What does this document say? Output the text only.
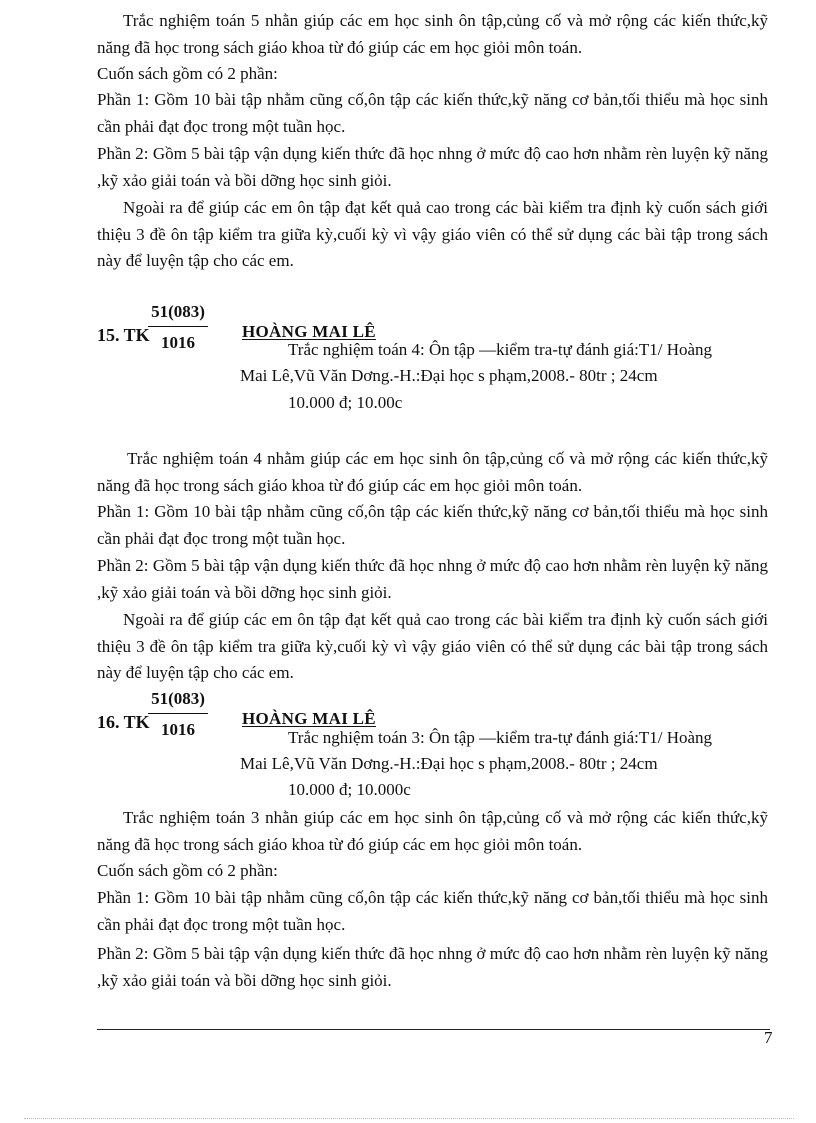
Trắc nghiệm toán 5 nhằn giúp các em học sinh ôn tập,củng cố và mở rộng các kiến thức,kỹ năng đã học trong sách giáo khoa từ đó giúp các em học giỏi môn toán.

Cuốn sách gồm có 2 phần:

Phần 1: Gồm 10 bài tập nhằm cũng cố,ôn tập các kiến thức,kỹ năng cơ bản,tối thiểu mà học sinh cần phải đạt đọc trong một tuần học.

Phần 2: Gồm 5 bài tập vận dụng kiến thức đã học nhng ở mức độ cao hơn nhằm rèn luyện kỹ năng ,kỹ xảo giải toán và bồi dỡng học sinh giỏi.

Ngoài ra để giúp các em ôn tập đạt kết quả cao trong các bài kiểm tra định kỳ cuốn sách giới thiệu 3 đề ôn tập kiểm tra giữa kỳ,cuối kỳ vì vậy giáo viên có thể sử dụng các bài tập trong sách này để luyện tập cho các em.

15. TK
51(083)
1016
HOÀNG MAI LÊ
Trắc nghiệm toán 4: Ôn tập —kiểm tra-tự đánh giá:T1/ Hoàng
Mai Lê,Vũ Văn Dơng.-H.:Đại học s phạm,2008.- 80tr ; 24cm
10.000 đ; 10.00c

Trắc nghiệm toán 4 nhằm giúp các em học sinh ôn tập,củng cố và mở rộng các kiến thức,kỹ năng đã học trong sách giáo khoa từ đó giúp các em học giỏi môn toán.

Phần 1: Gồm 10 bài tập nhằm cũng cố,ôn tập các kiến thức,kỹ năng cơ bản,tối thiểu mà học sinh cần phải đạt đọc trong một tuần học.

Phần 2: Gồm 5 bài tập vận dụng kiến thức đã học nhng ở mức độ cao hơn nhằm rèn luyện kỹ năng ,kỹ xảo giải toán và bồi dỡng học sinh giỏi.

Ngoài ra để giúp các em ôn tập đạt kết quả cao trong các bài kiểm tra định kỳ cuốn sách giới thiệu 3 đề ôn tập kiểm tra giữa kỳ,cuối kỳ vì vậy giáo viên có thể sử dụng các bài tập trong sách này để luyện tập cho các em.

16. TK
51(083)
1016
HOÀNG MAI LÊ
Trắc nghiệm toán 3: Ôn tập —kiểm tra-tự đánh giá:T1/ Hoàng
Mai Lê,Vũ Văn Dơng.-H.:Đại học s phạm,2008.- 80tr ; 24cm
10.000 đ; 10.000c

Trắc nghiệm toán 3 nhằn giúp các em học sinh ôn tập,củng cố và mở rộng các kiến thức,kỹ năng đã học trong sách giáo khoa từ đó giúp các em học giỏi môn toán.

Cuốn sách gồm có 2 phần:

Phần 1: Gồm 10 bài tập nhằm cũng cố,ôn tập các kiến thức,kỹ năng cơ bản,tối thiểu mà học sinh cần phải đạt đọc trong một tuần học.

Phần 2: Gồm 5 bài tập vận dụng kiến thức đã học nhng ở mức độ cao hơn nhằm rèn luyện kỹ năng ,kỹ xảo giải toán và bồi dỡng học sinh giỏi.

7
